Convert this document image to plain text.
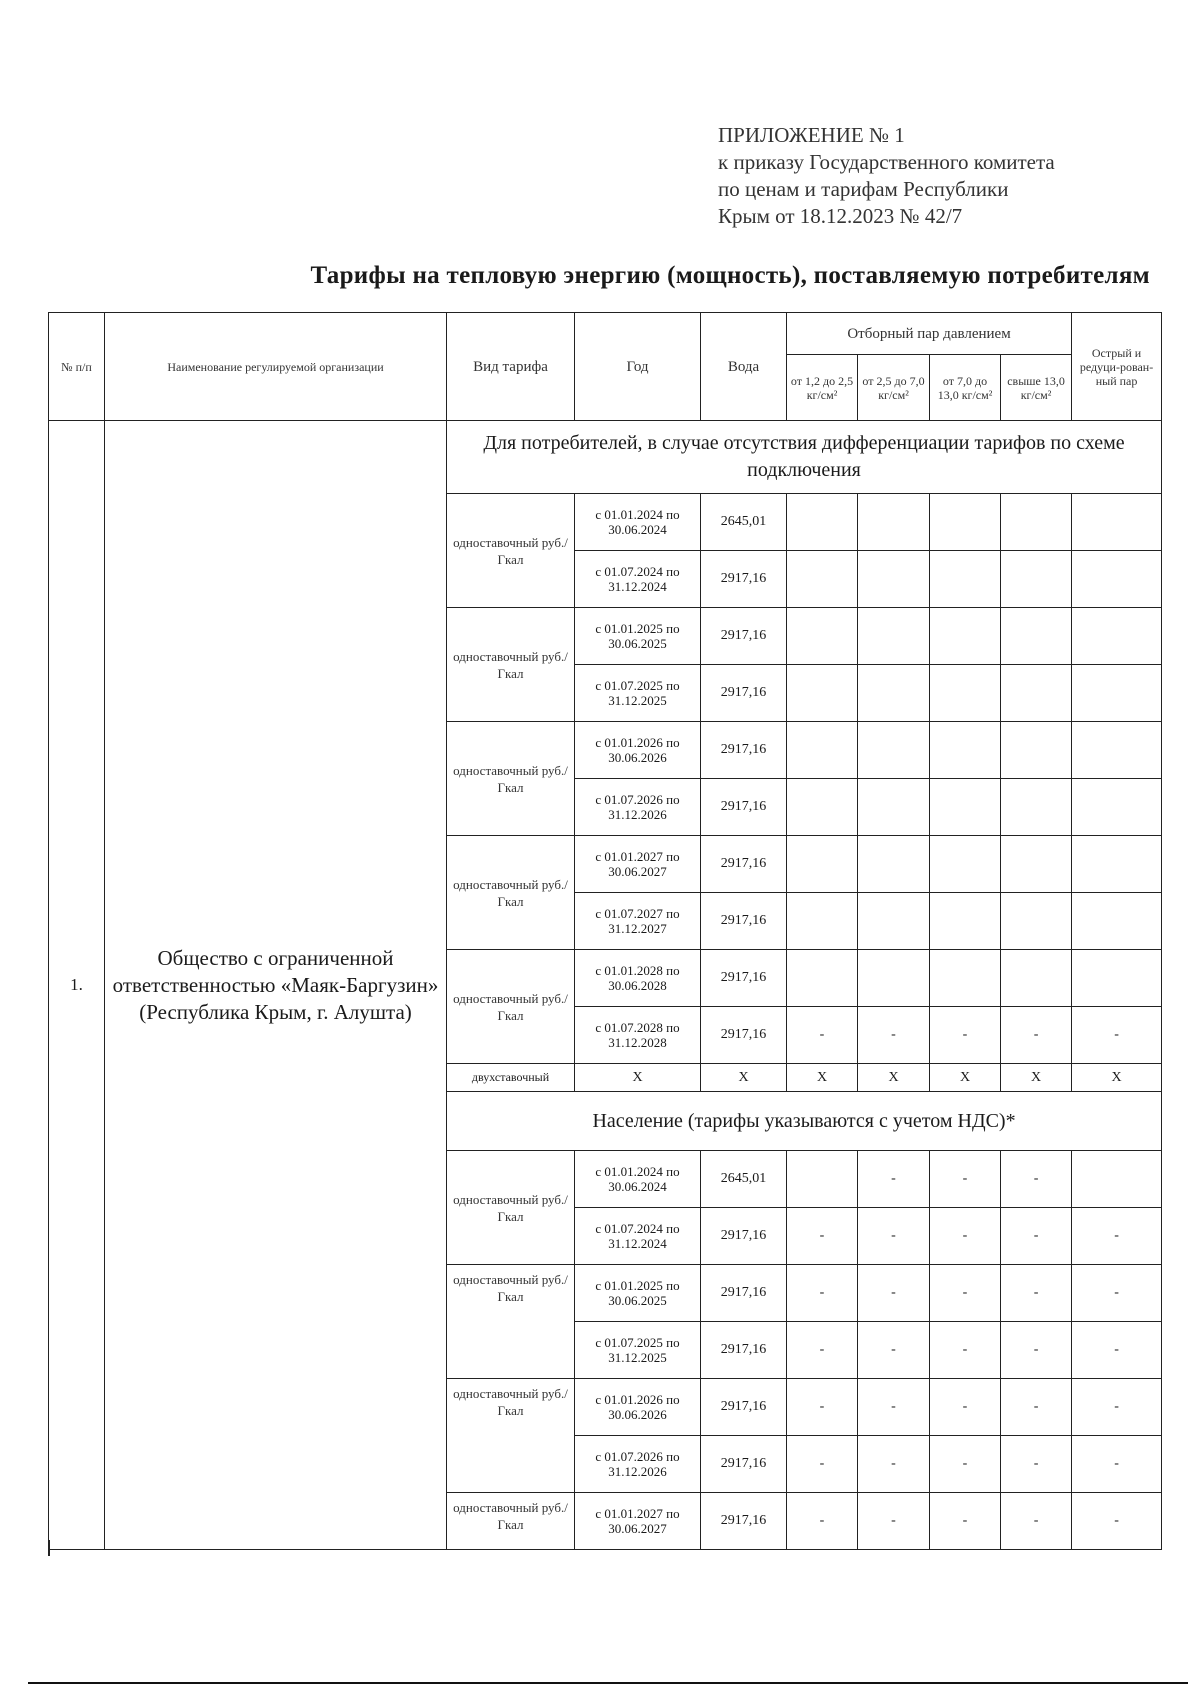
ПРИЛОЖЕНИЕ № 1
к приказу Государственного комитета
по ценам и тарифам Республики
Крым от 18.12.2023 № 42/7
Тарифы на тепловую энергию (мощность), поставляемую потребителям
№ п/п	Наименование регулируемой организации	Вид тарифа	Год	Вода	Отборный пар давлением				Острый и редуци-рован-ный пар
					от 1,2 до 2,5 кг/см²	от 2,5 до 7,0 кг/см²	от 7,0 до 13,0 кг/см²	свыше 13,0 кг/см²	
1.	Общество с ограниченной ответственностью «Маяк-Баргузин» (Республика Крым, г. Алушта)	Для потребителей, в случае отсутствия дифференциации тарифов по схеме подключения							
		одноставочный руб./Гкал	с 01.01.2024 по 30.06.2024	2645,01					
			с 01.07.2024 по 31.12.2024	2917,16					
		одноставочный руб./Гкал	с 01.01.2025 по 30.06.2025	2917,16					
			с 01.07.2025 по 31.12.2025	2917,16					
		одноставочный руб./Гкал	с 01.01.2026 по 30.06.2026	2917,16					
			с 01.07.2026 по 31.12.2026	2917,16					
		одноставочный руб./Гкал	с 01.01.2027 по 30.06.2027	2917,16					
			с 01.07.2027 по 31.12.2027	2917,16					
		одноставочный руб./Гкал	с 01.01.2028 по 30.06.2028	2917,16					
			с 01.07.2028 по 31.12.2028	2917,16	-	-	-	-	-
		двухставочный	X	X	X	X	X	X	X
		Население (тарифы указываются с учетом НДС)*							
		одноставочный руб./Гкал	с 01.01.2024 по 30.06.2024	2645,01		-	-	-	
			с 01.07.2024 по 31.12.2024	2917,16	-	-	-	-	-
		одноставочный руб./Гкал	с 01.01.2025 по 30.06.2025	2917,16	-	-	-	-	-
			с 01.07.2025 по 31.12.2025	2917,16	-	-	-	-	-
		одноставочный руб./Гкал	с 01.01.2026 по 30.06.2026	2917,16	-	-	-	-	-
			с 01.07.2026 по 31.12.2026	2917,16	-	-	-	-	-
		одноставочный руб./Гкал	с 01.01.2027 по 30.06.2027	2917,16	-	-	-	-	-
